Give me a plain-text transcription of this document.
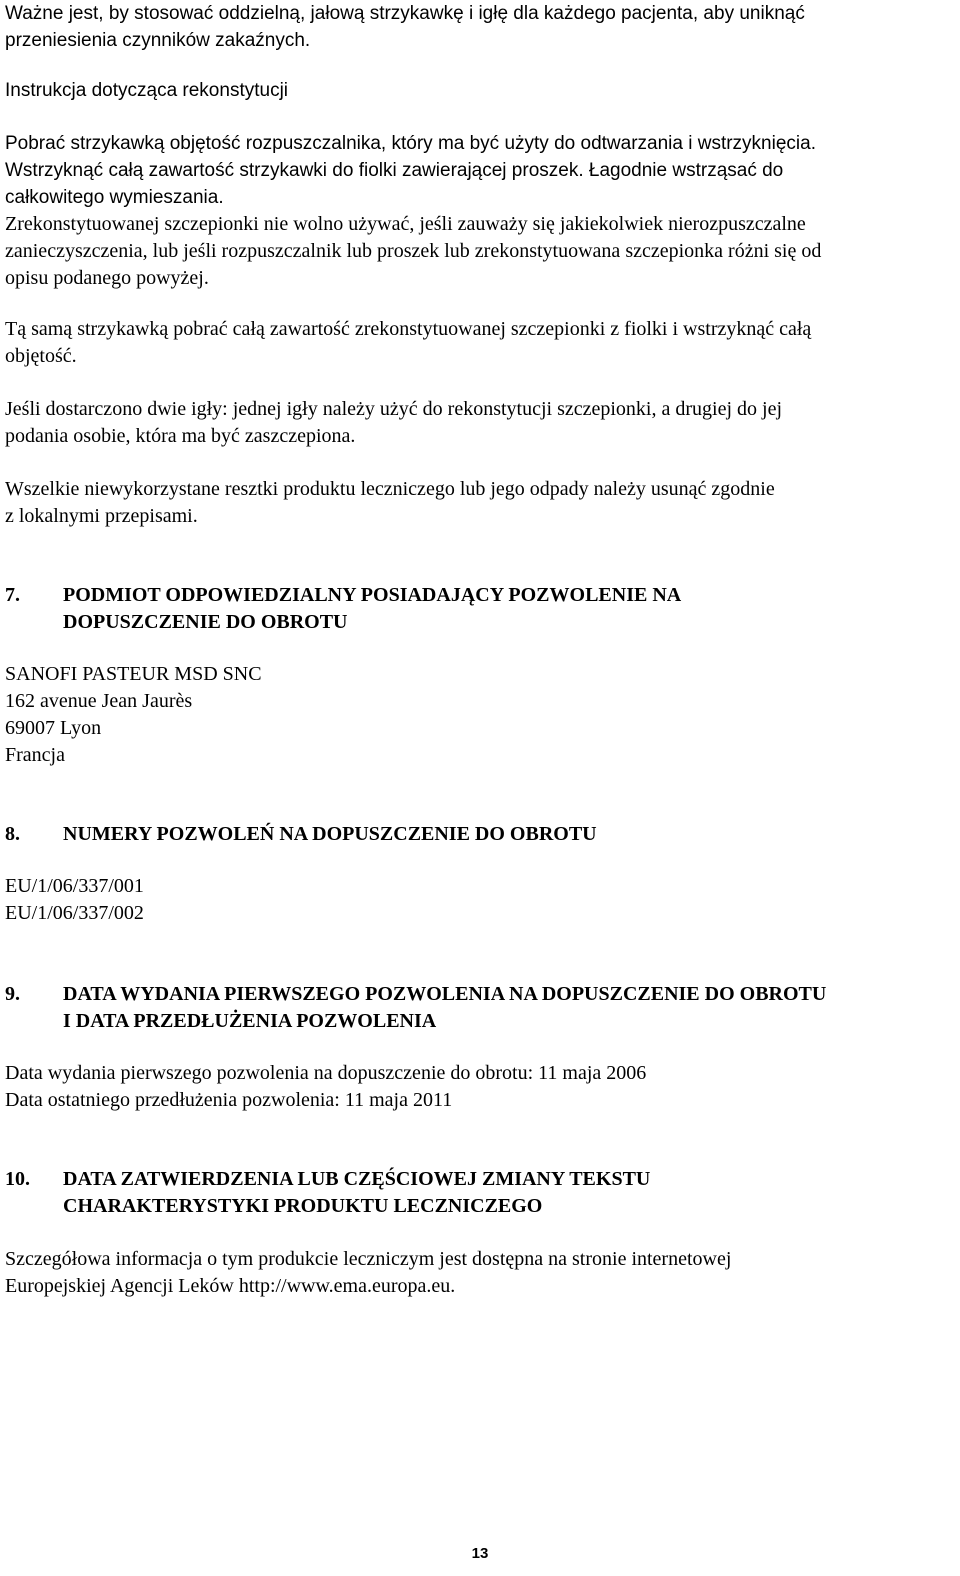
Ważne jest, by stosować oddzielną, jałową strzykawkę i igłę dla każdego pacjenta, aby uniknąć
przeniesienia czynników zakaźnych.
Instrukcja dotycząca rekonstytucji
Pobrać strzykawką objętość rozpuszczalnika, który ma być użyty do odtwarzania i wstrzyknięcia.
Wstrzyknąć całą zawartość strzykawki do fiolki zawierającej proszek. Łagodnie wstrząsać do
całkowitego wymieszania.
Zrekonstytuowanej szczepionki nie wolno używać, jeśli zauważy się jakiekolwiek nierozpuszczalne
zanieczyszczenia, lub jeśli rozpuszczalnik lub proszek lub zrekonstytuowana szczepionka różni się od
opisu podanego powyżej.
Tą samą strzykawką pobrać całą zawartość zrekonstytuowanej szczepionki z fiolki i wstrzyknąć całą
objętość.
Jeśli dostarczono dwie igły: jednej igły należy użyć do rekonstytucji szczepionki, a drugiej do jej
podania osobie, która ma być zaszczepiona.
Wszelkie niewykorzystane resztki produktu leczniczego lub jego odpady należy usunąć zgodnie
z lokalnymi przepisami.
7. PODMIOT ODPOWIEDZIALNY POSIADAJĄCY POZWOLENIE NA
DOPUSZCZENIE DO OBROTU
SANOFI PASTEUR MSD SNC
162 avenue Jean Jaurès
69007 Lyon
Francja
8. NUMERY POZWOLEŃ NA DOPUSZCZENIE DO OBROTU
EU/1/06/337/001
EU/1/06/337/002
9. DATA WYDANIA PIERWSZEGO POZWOLENIA NA DOPUSZCZENIE DO OBROTU
I DATA PRZEDŁUŻENIA POZWOLENIA
Data wydania pierwszego pozwolenia na dopuszczenie do obrotu: 11 maja 2006
Data ostatniego przedłużenia pozwolenia: 11 maja 2011
10. DATA ZATWIERDZENIA LUB CZĘŚCIOWEJ ZMIANY TEKSTU
CHARAKTERYSTYKI PRODUKTU LECZNICZEGO
Szczegółowa informacja o tym produkcie leczniczym jest dostępna na stronie internetowej
Europejskiej Agencji Leków http://www.ema.europa.eu.
13
